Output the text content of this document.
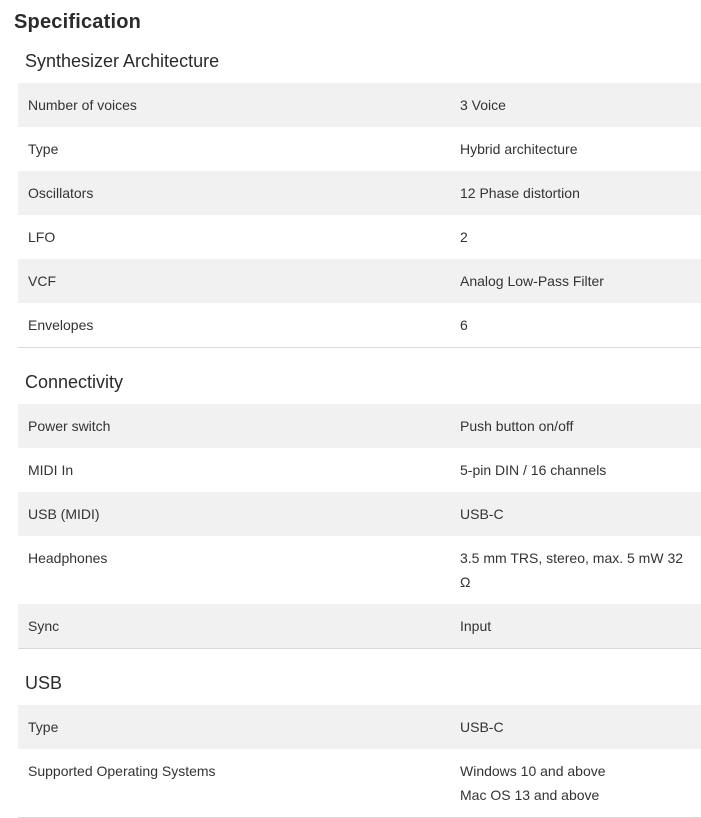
Specification
Synthesizer Architecture
Number of voices	3 Voice
Type	Hybrid architecture
Oscillators	12 Phase distortion
LFO	2
VCF	Analog Low-Pass Filter
Envelopes	6
Connectivity
Power switch	Push button on/off
MIDI In	5-pin DIN / 16 channels
USB (MIDI)	USB-C
Headphones	3.5 mm TRS, stereo, max. 5 mW 32 Ω
Sync	Input
USB
Type	USB-C
Supported Operating Systems	Windows 10 and above
Mac OS 13 and above
